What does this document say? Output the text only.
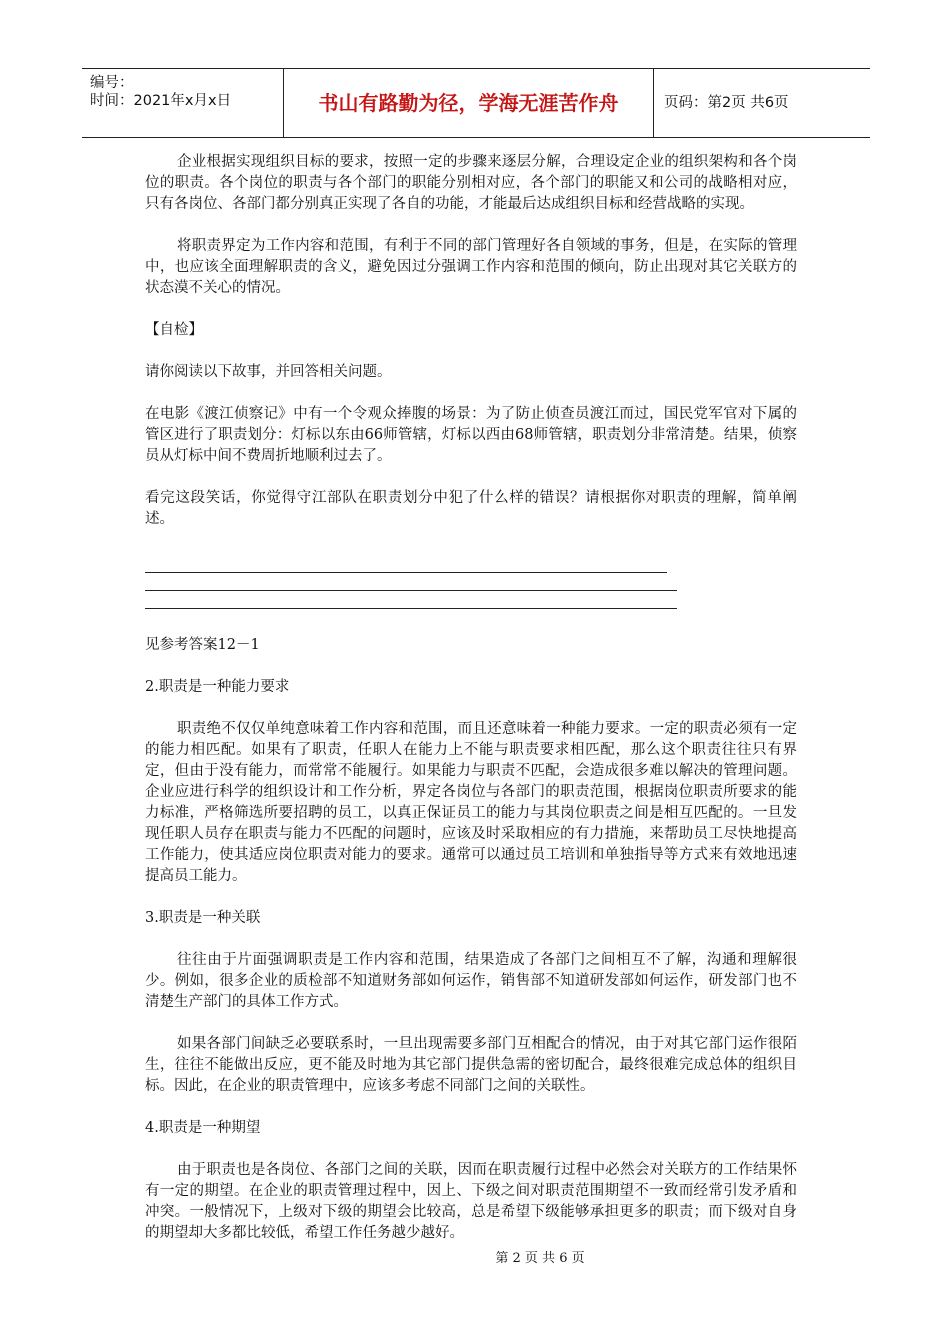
编号：
时间：2021年x月x日	书山有路勤为径，学海无涯苦作舟	页码：第2页 共6页

企业根据实现组织目标的要求，按照一定的步骤来逐层分解，合理设定企业的组织架构和各个岗位的职责。各个岗位的职责与各个部门的职能分别相对应，各个部门的职能又和公司的战略相对应，只有各岗位、各部门都分别真正实现了各自的功能，才能最后达成组织目标和经营战略的实现。

将职责界定为工作内容和范围，有利于不同的部门管理好各自领域的事务，但是，在实际的管理中，也应该全面理解职责的含义，避免因过分强调工作内容和范围的倾向，防止出现对其它关联方的状态漠不关心的情况。

【自检】

请你阅读以下故事，并回答相关问题。

在电影《渡江侦察记》中有一个令观众捧腹的场景：为了防止侦查员渡江而过，国民党军官对下属的管区进行了职责划分：灯标以东由66师管辖，灯标以西由68师管辖，职责划分非常清楚。结果，侦察员从灯标中间不费周折地顺利过去了。

看完这段笑话，你觉得守江部队在职责划分中犯了什么样的错误？请根据你对职责的理解，简单阐述。

见参考答案12－1

2.职责是一种能力要求

职责绝不仅仅单纯意味着工作内容和范围，而且还意味着一种能力要求。一定的职责必须有一定的能力相匹配。如果有了职责，任职人在能力上不能与职责要求相匹配，那么这个职责往往只有界定，但由于没有能力，而常常不能履行。如果能力与职责不匹配，会造成很多难以解决的管理问题。企业应进行科学的组织设计和工作分析，界定各岗位与各部门的职责范围，根据岗位职责所要求的能力标准，严格筛选所要招聘的员工，以真正保证员工的能力与其岗位职责之间是相互匹配的。一旦发现任职人员存在职责与能力不匹配的问题时，应该及时采取相应的有力措施，来帮助员工尽快地提高工作能力，使其适应岗位职责对能力的要求。通常可以通过员工培训和单独指导等方式来有效地迅速提高员工能力。

3.职责是一种关联

往往由于片面强调职责是工作内容和范围，结果造成了各部门之间相互不了解，沟通和理解很少。例如，很多企业的质检部不知道财务部如何运作，销售部不知道研发部如何运作，研发部门也不清楚生产部门的具体工作方式。

如果各部门间缺乏必要联系时，一旦出现需要多部门互相配合的情况，由于对其它部门运作很陌生，往往不能做出反应，更不能及时地为其它部门提供急需的密切配合，最终很难完成总体的组织目标。因此，在企业的职责管理中，应该多考虑不同部门之间的关联性。

4.职责是一种期望

由于职责也是各岗位、各部门之间的关联，因而在职责履行过程中必然会对关联方的工作结果怀有一定的期望。在企业的职责管理过程中，因上、下级之间对职责范围期望不一致而经常引发矛盾和冲突。一般情况下，上级对下级的期望会比较高，总是希望下级能够承担更多的职责；而下级对自身的期望却大多都比较低，希望工作任务越少越好。

第 2 页 共 6 页
